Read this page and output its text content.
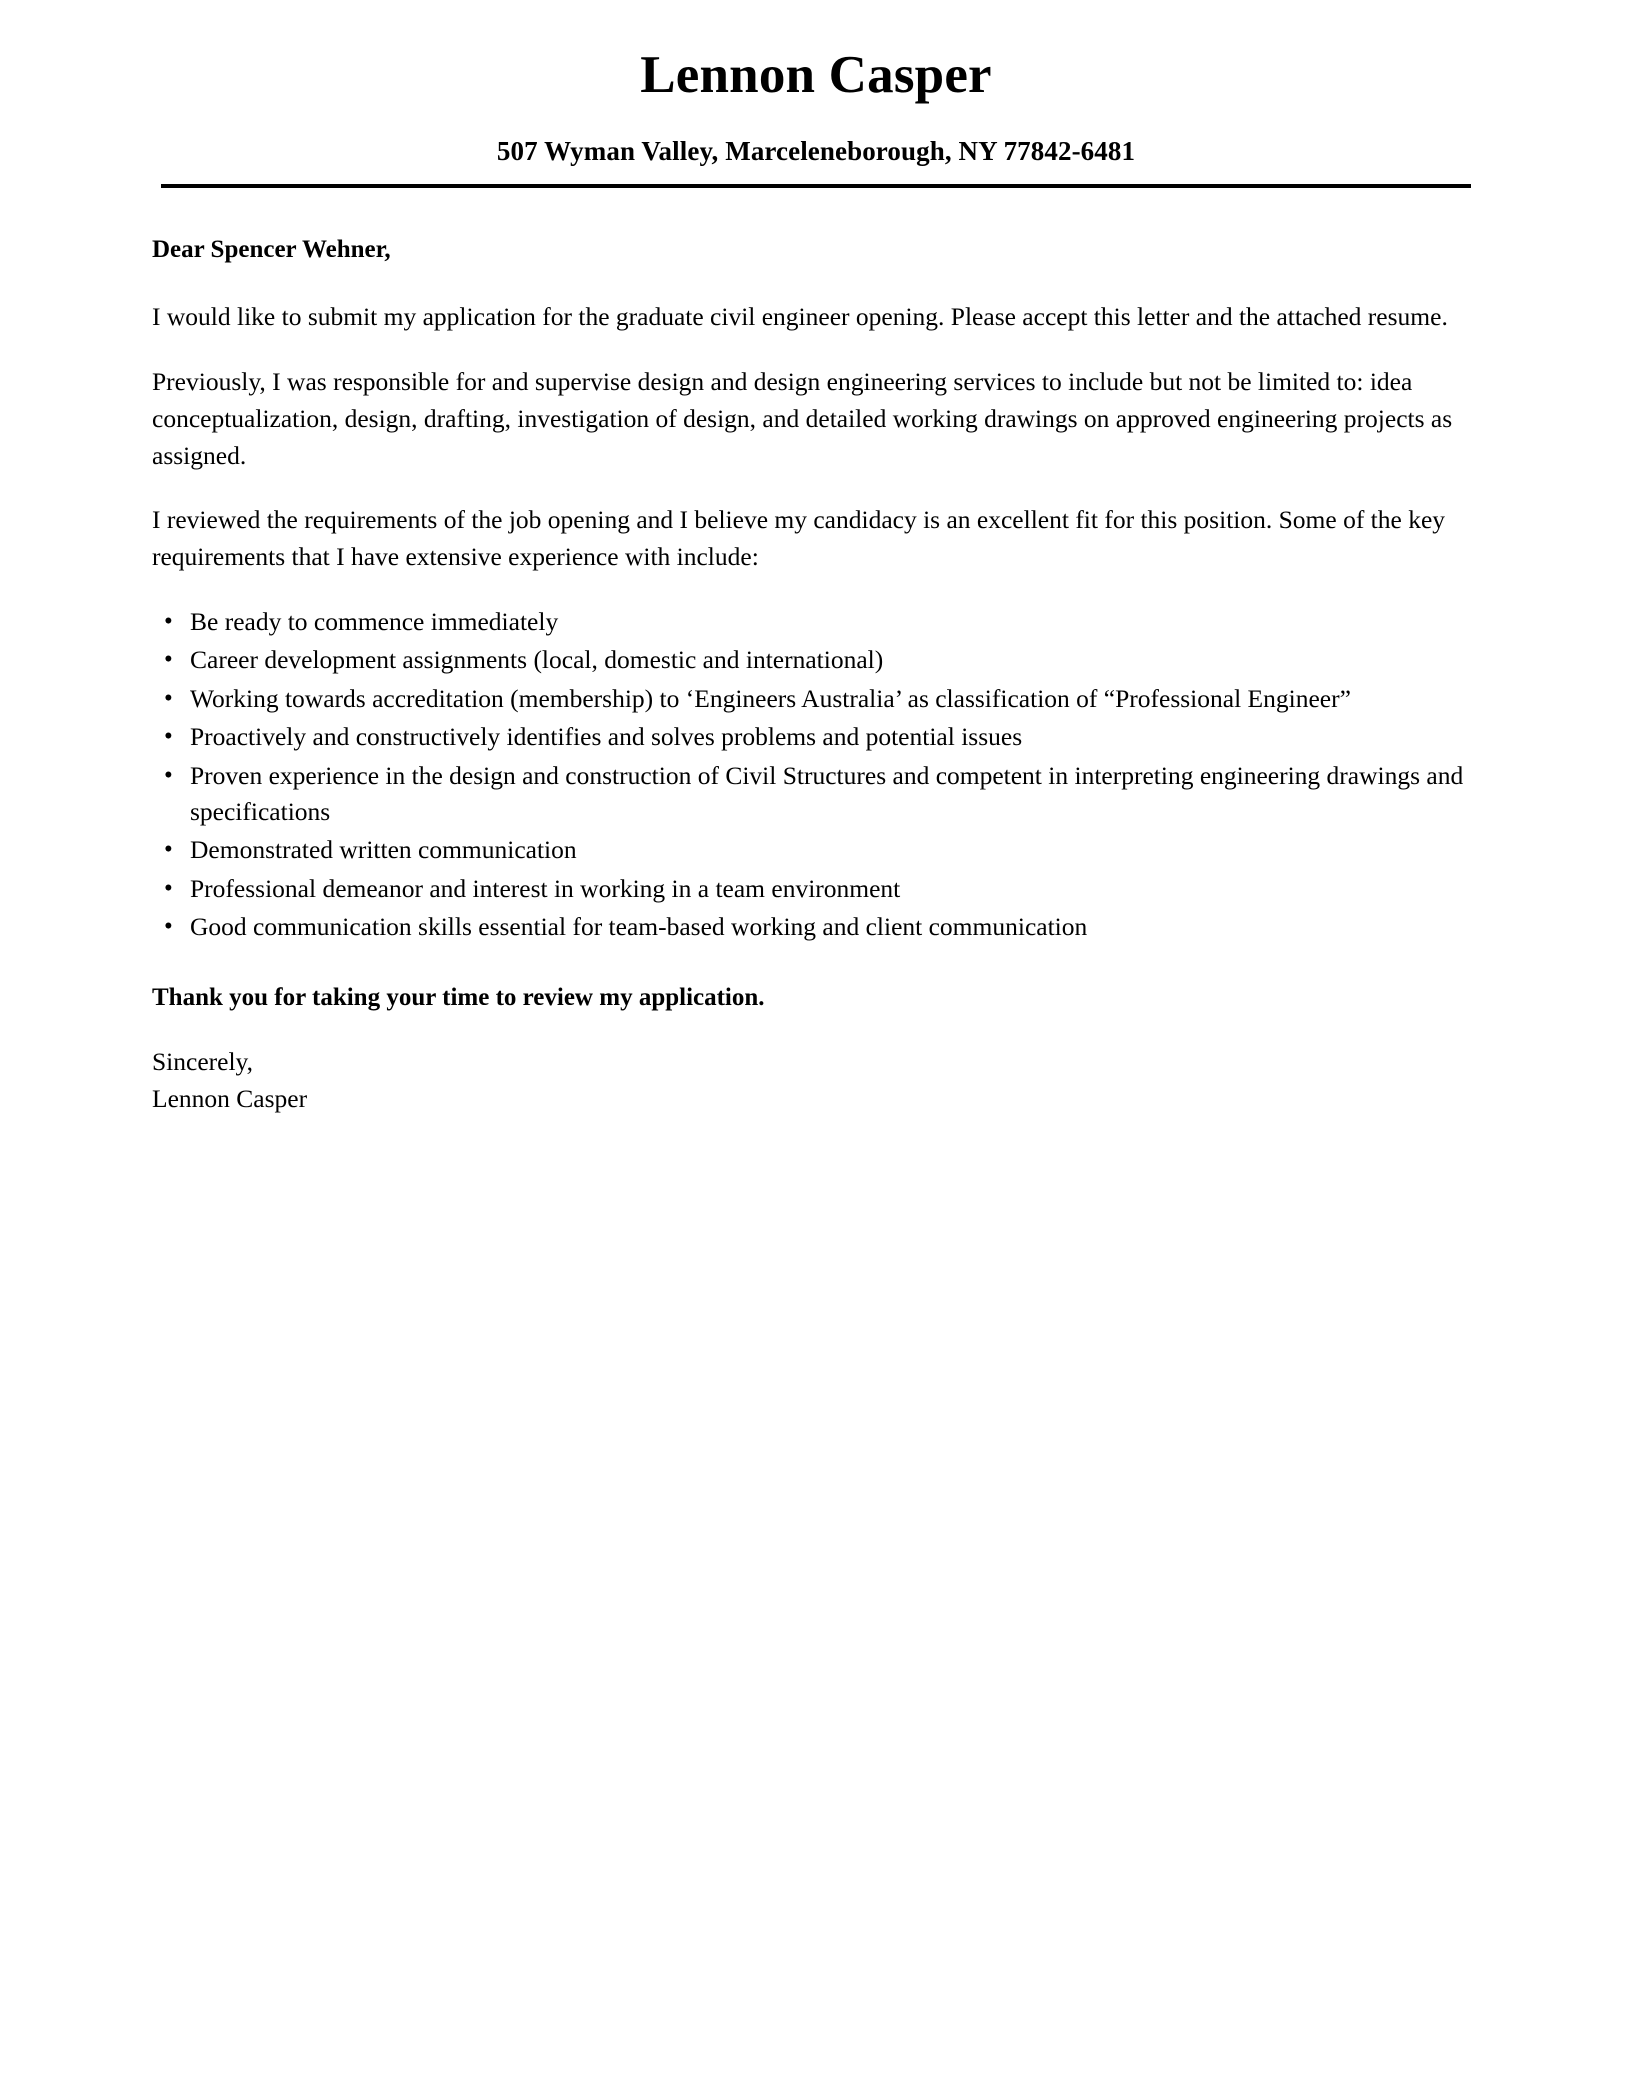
Lennon Casper
507 Wyman Valley, Marceleneborough, NY 77842-6481

Dear Spencer Wehner,

I would like to submit my application for the graduate civil engineer opening. Please accept this letter and the attached resume.

Previously, I was responsible for and supervise design and design engineering services to include but not be limited to: idea conceptualization, design, drafting, investigation of design, and detailed working drawings on approved engineering projects as assigned.

I reviewed the requirements of the job opening and I believe my candidacy is an excellent fit for this position. Some of the key requirements that I have extensive experience with include:

• Be ready to commence immediately
• Career development assignments (local, domestic and international)
• Working towards accreditation (membership) to ‘Engineers Australia’ as classification of “Professional Engineer”
• Proactively and constructively identifies and solves problems and potential issues
• Proven experience in the design and construction of Civil Structures and competent in interpreting engineering drawings and specifications
• Demonstrated written communication
• Professional demeanor and interest in working in a team environment
• Good communication skills essential for team-based working and client communication

Thank you for taking your time to review my application.

Sincerely,

Lennon Casper
